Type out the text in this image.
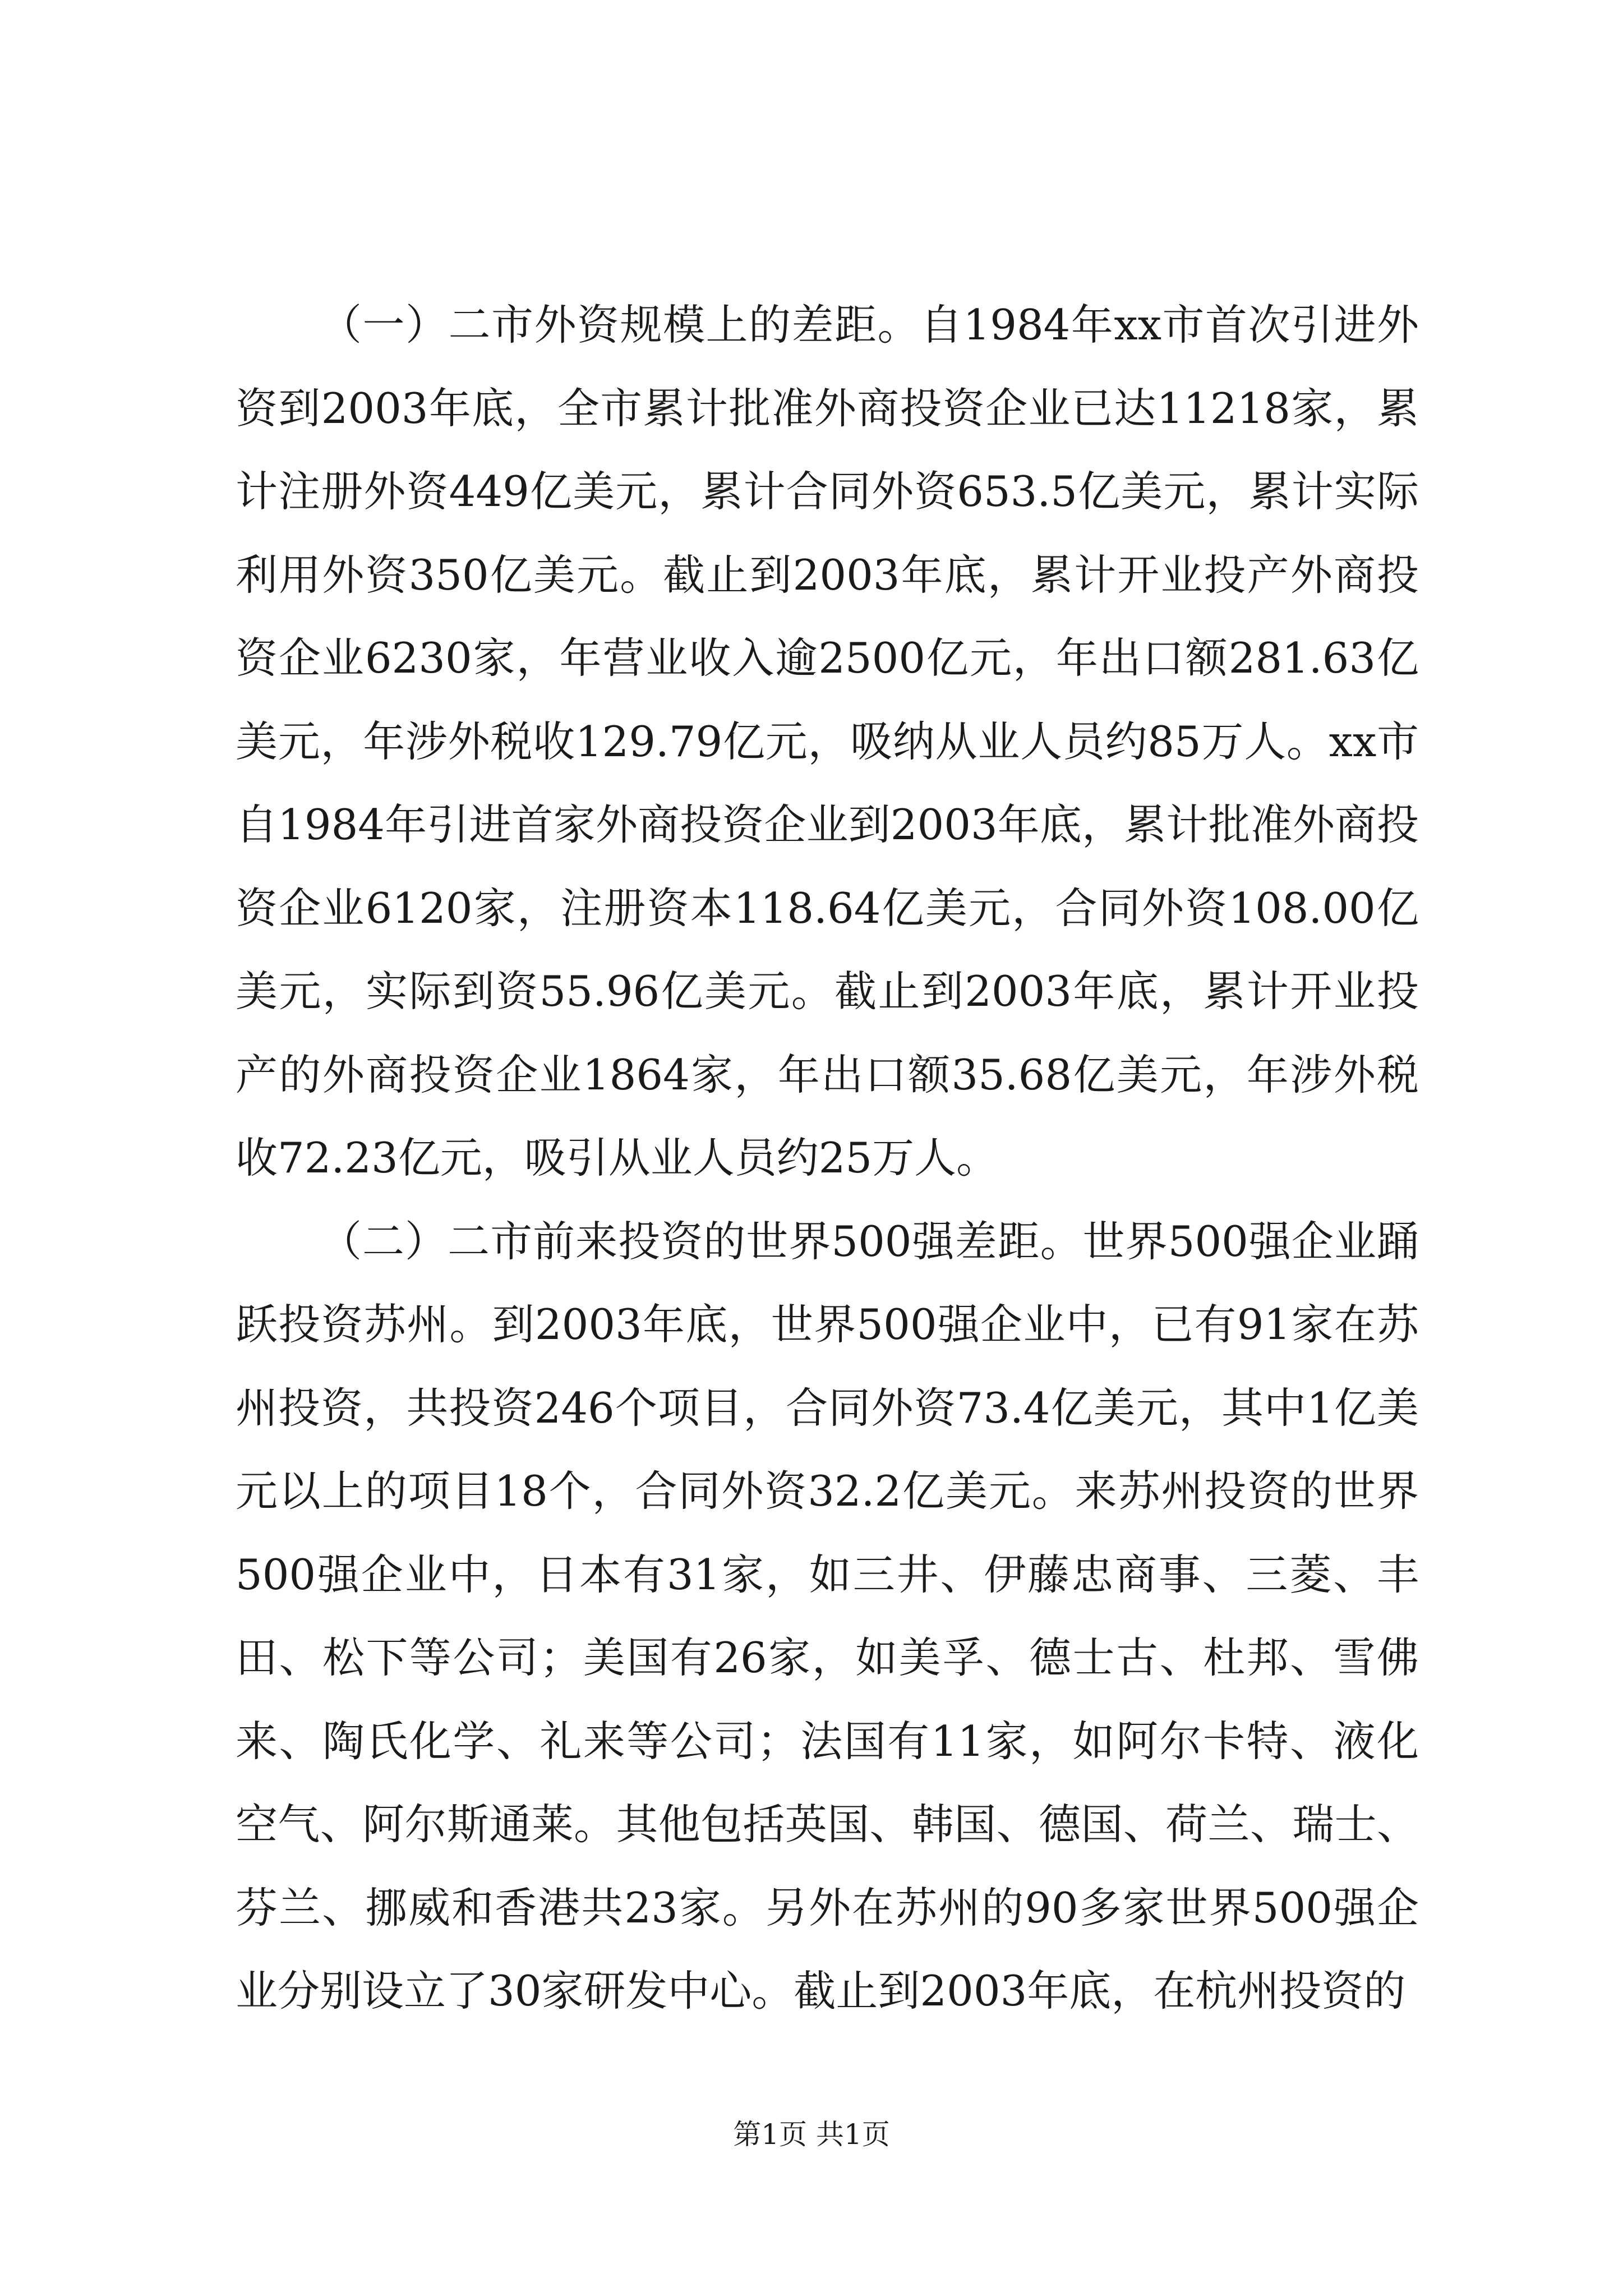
（一）二市外资规模上的差距。自1984年xx市首次引进外资到2003年底，全市累计批准外商投资企业已达11218家，累计注册外资449亿美元，累计合同外资653.5亿美元，累计实际利用外资350亿美元。截止到2003年底，累计开业投产外商投资企业6230家，年营业收入逾2500亿元，年出口额281.63亿美元，年涉外税收129.79亿元，吸纳从业人员约85万人。xx市自1984年引进首家外商投资企业到2003年底，累计批准外商投资企业6120家，注册资本118.64亿美元，合同外资108.00亿美元，实际到资55.96亿美元。截止到2003年底，累计开业投产的外商投资企业1864家，年出口额35.68亿美元，年涉外税收72.23亿元，吸引从业人员约25万人。

（二）二市前来投资的世界500强差距。世界500强企业踊跃投资苏州。到2003年底，世界500强企业中，已有91家在苏州投资，共投资246个项目，合同外资73.4亿美元，其中1亿美元以上的项目18个，合同外资32.2亿美元。来苏州投资的世界500强企业中，日本有31家，如三井、伊藤忠商事、三菱、丰田、松下等公司；美国有26家，如美孚、德士古、杜邦、雪佛来、陶氏化学、礼来等公司；法国有11家，如阿尔卡特、液化空气、阿尔斯通莱。其他包括英国、韩国、德国、荷兰、瑞士、芬兰、挪威和香港共23家。另外在苏州的90多家世界500强企业分别设立了30家研发中心。截止到2003年底，在杭州投资的

第1页 共1页
